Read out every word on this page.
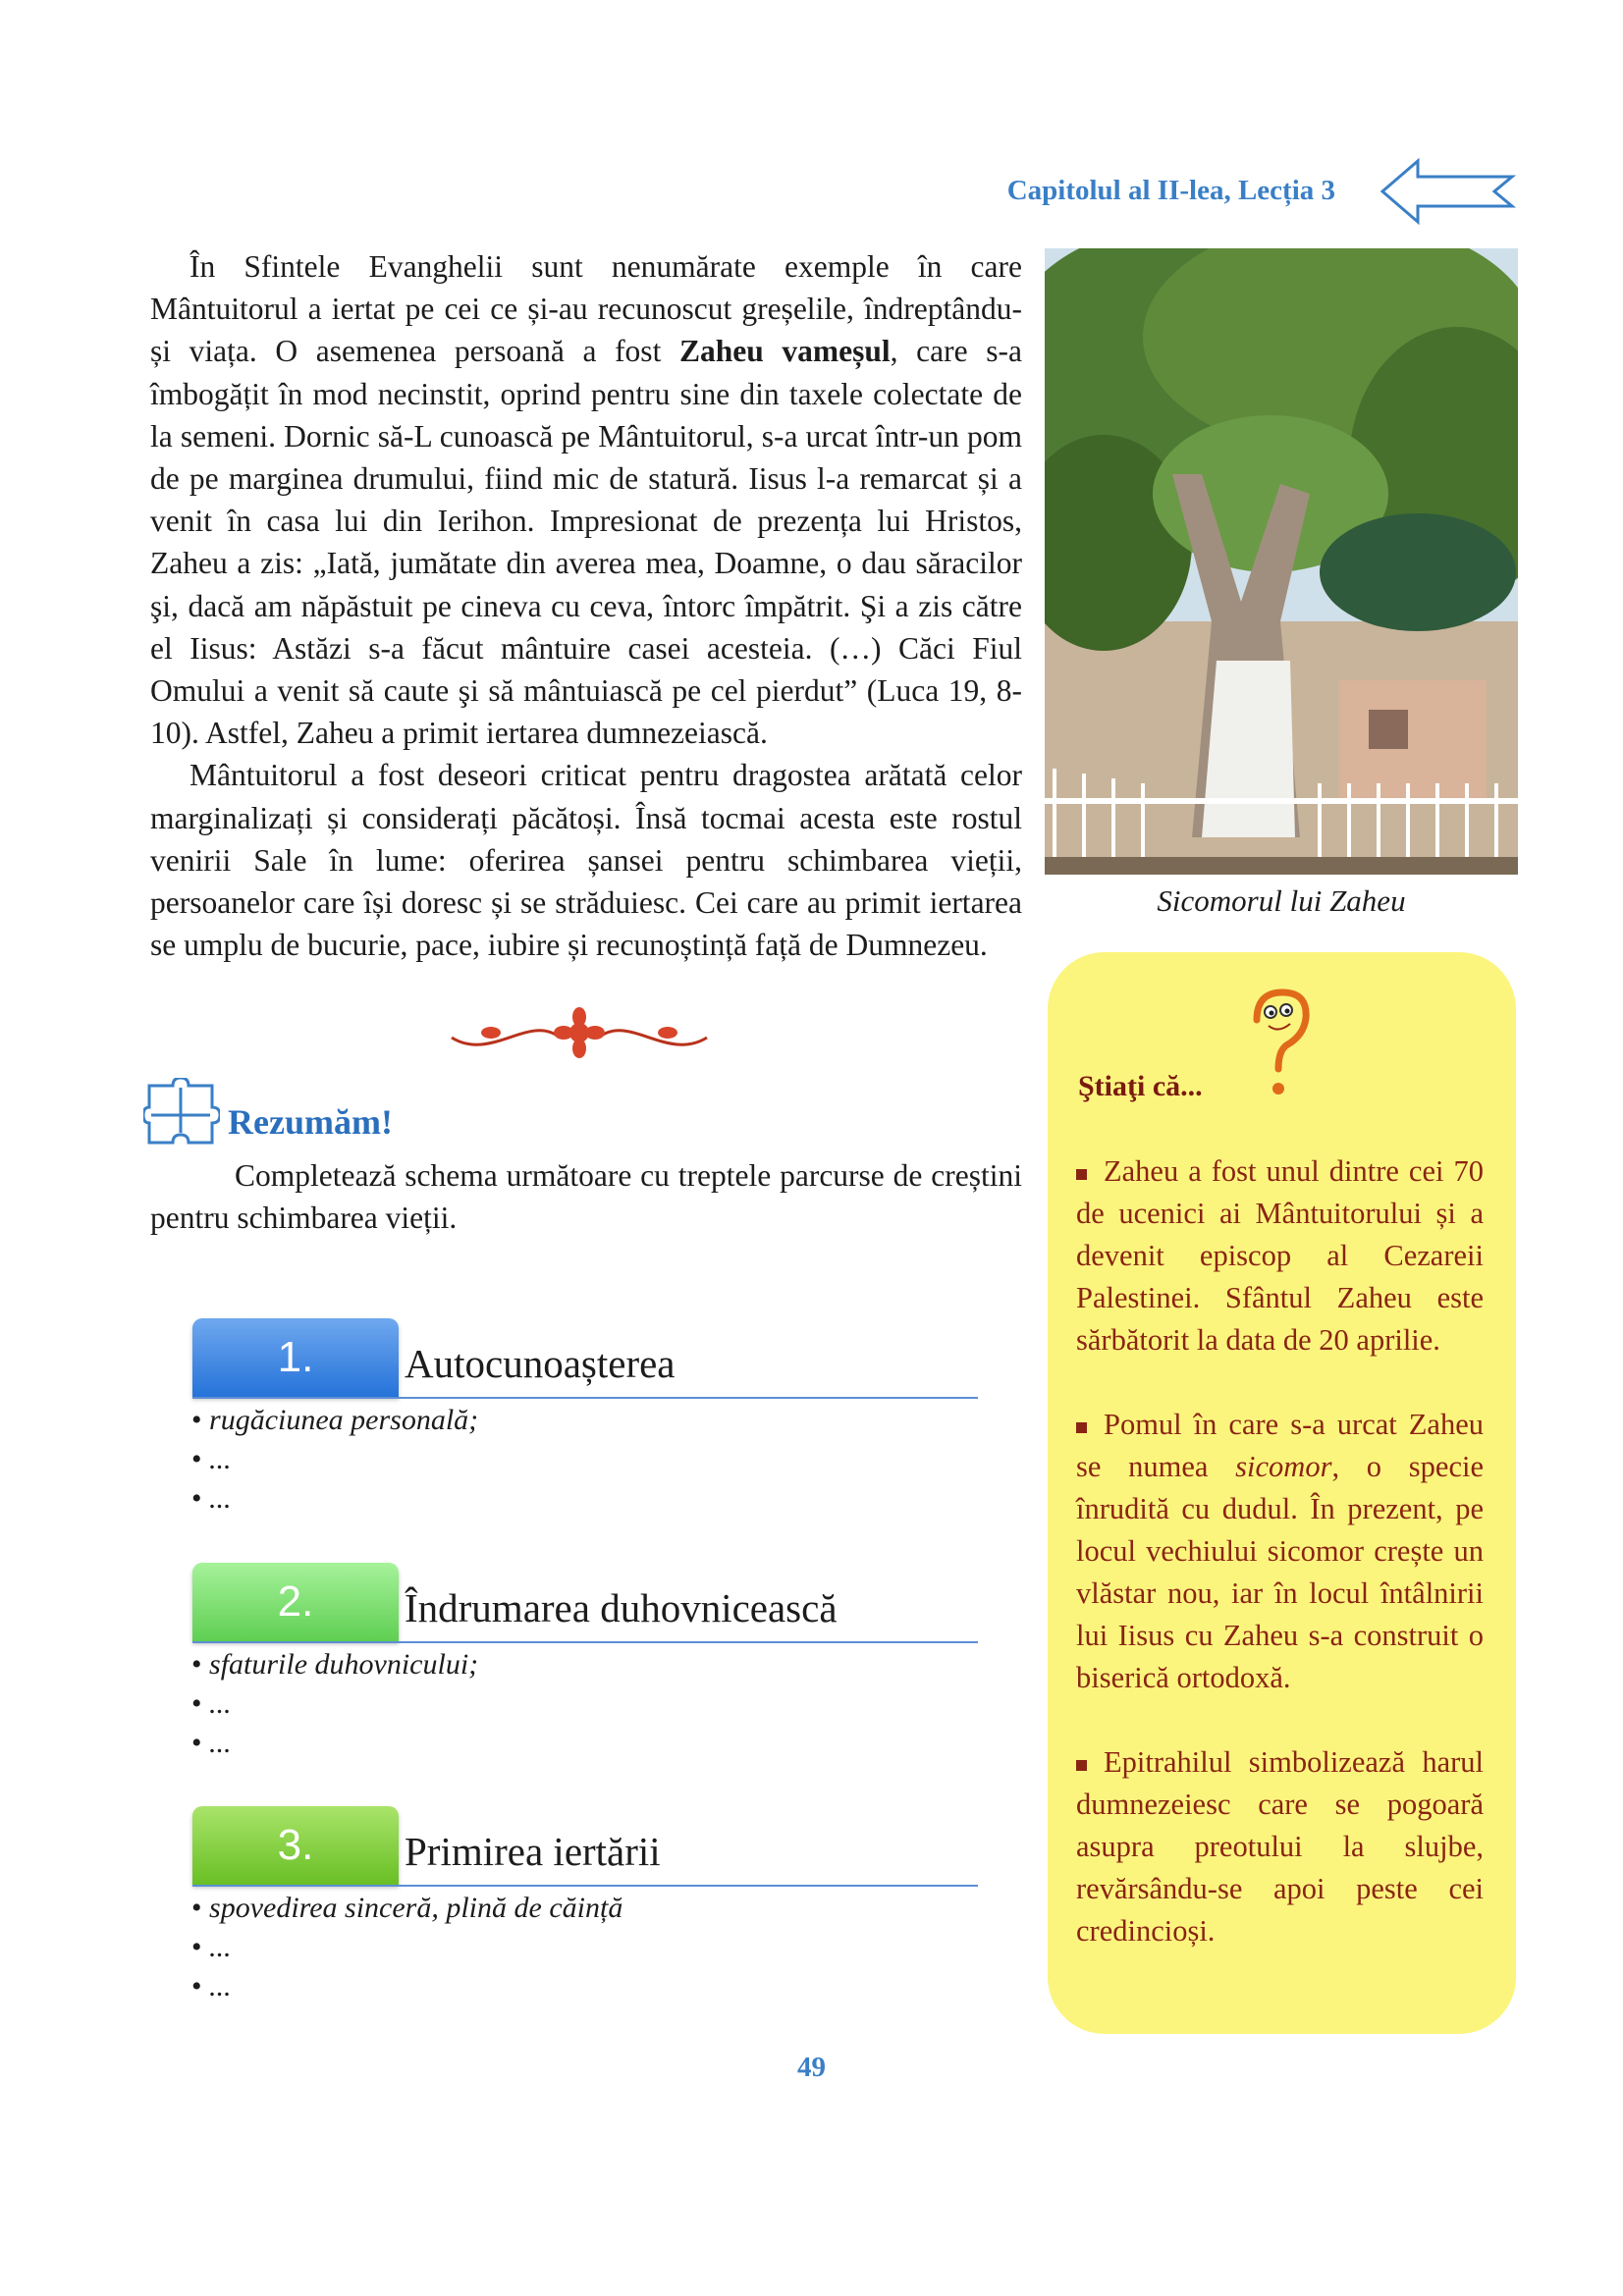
Capitolul al II-lea, Lecția 3

În Sfintele Evanghelii sunt nenumărate exemple în care Mântuitorul a iertat pe cei ce și-au recunoscut greșelile, îndreptându-și viața. O asemenea persoană a fost Zaheu vameșul, care s-a îmbogățit în mod necinstit, oprind pentru sine din taxele colectate de la semeni. Dornic să-L cunoască pe Mântuitorul, s-a urcat într-un pom de pe marginea drumului, fiind mic de statură. Iisus l-a remarcat și a venit în casa lui din Ierihon. Impresionat de prezența lui Hristos, Zaheu a zis: „Iată, jumătate din averea mea, Doamne, o dau săracilor şi, dacă am năpăstuit pe cineva cu ceva, întorc împătrit. Şi a zis către el Iisus: Astăzi s-a făcut mântuire casei acesteia. (…) Căci Fiul Omului a venit să caute şi să mântuiască pe cel pierdut” (Luca 19, 8-10). Astfel, Zaheu a primit iertarea dumnezeiască.

Mântuitorul a fost deseori criticat pentru dragostea arătată celor marginalizați și considerați păcătoși. Însă tocmai acesta este rostul venirii Sale în lume: oferirea șansei pentru schimbarea vieții, persoanelor care își doresc și se străduiesc. Cei care au primit iertarea se umplu de bucurie, pace, iubire și recunoștință față de Dumnezeu.

Sicomorul lui Zaheu
Rezumăm!
Completează schema următoare cu treptele parcurse de creștini pentru schimbarea vieții.
1.	Autocunoașterea
• rugăciunea personală;
• ...
• ...
2.	Îndrumarea duhovnicească
• sfaturile duhovnicului;
• ...
• ...
3.	Primirea iertării
• spovedirea sinceră, plină de căință
• ...
• ...
Ştiaţi că...

Zaheu a fost unul dintre cei 70 de ucenici ai Mântuitorului și a devenit episcop al Cezareii Palestinei. Sfântul Zaheu este sărbătorit la data de 20 aprilie.

Pomul în care s-a urcat Zaheu se numea sicomor, o specie înrudită cu dudul. În prezent, pe locul vechiului sicomor crește un vlăstar nou, iar în locul întâlnirii lui Iisus cu Zaheu s-a construit o biserică ortodoxă.

Epitrahilul simbolizează harul dumnezeiesc care se pogoară asupra preotului la slujbe, revărsându-se apoi peste cei credincioși.

49
